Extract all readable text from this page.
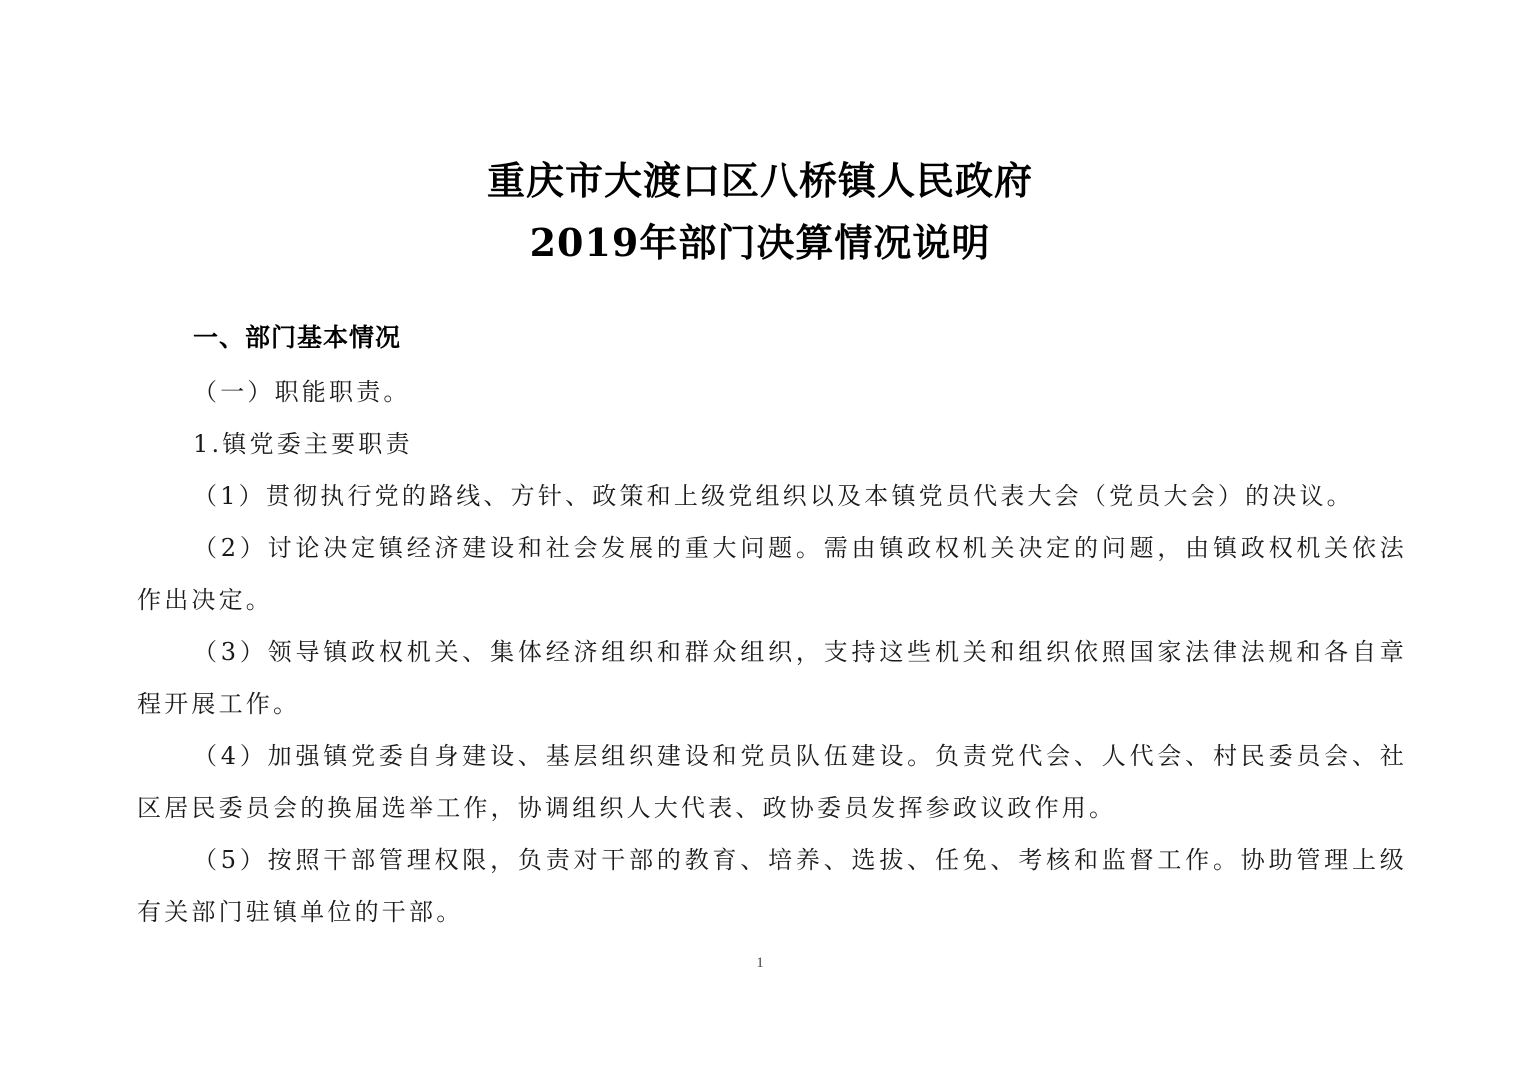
重庆市大渡口区八桥镇人民政府
2019年部门决算情况说明
一、部门基本情况

（一）职能职责。

1.镇党委主要职责

（1）贯彻执行党的路线、方针、政策和上级党组织以及本镇党员代表大会（党员大会）的决议。

（2）讨论决定镇经济建设和社会发展的重大问题。需由镇政权机关决定的问题，由镇政权机关依法作出决定。

（3）领导镇政权机关、集体经济组织和群众组织，支持这些机关和组织依照国家法律法规和各自章程开展工作。

（4）加强镇党委自身建设、基层组织建设和党员队伍建设。负责党代会、人代会、村民委员会、社区居民委员会的换届选举工作，协调组织人大代表、政协委员发挥参政议政作用。

（5）按照干部管理权限，负责对干部的教育、培养、选拔、任免、考核和监督工作。协助管理上级有关部门驻镇单位的干部。

1
